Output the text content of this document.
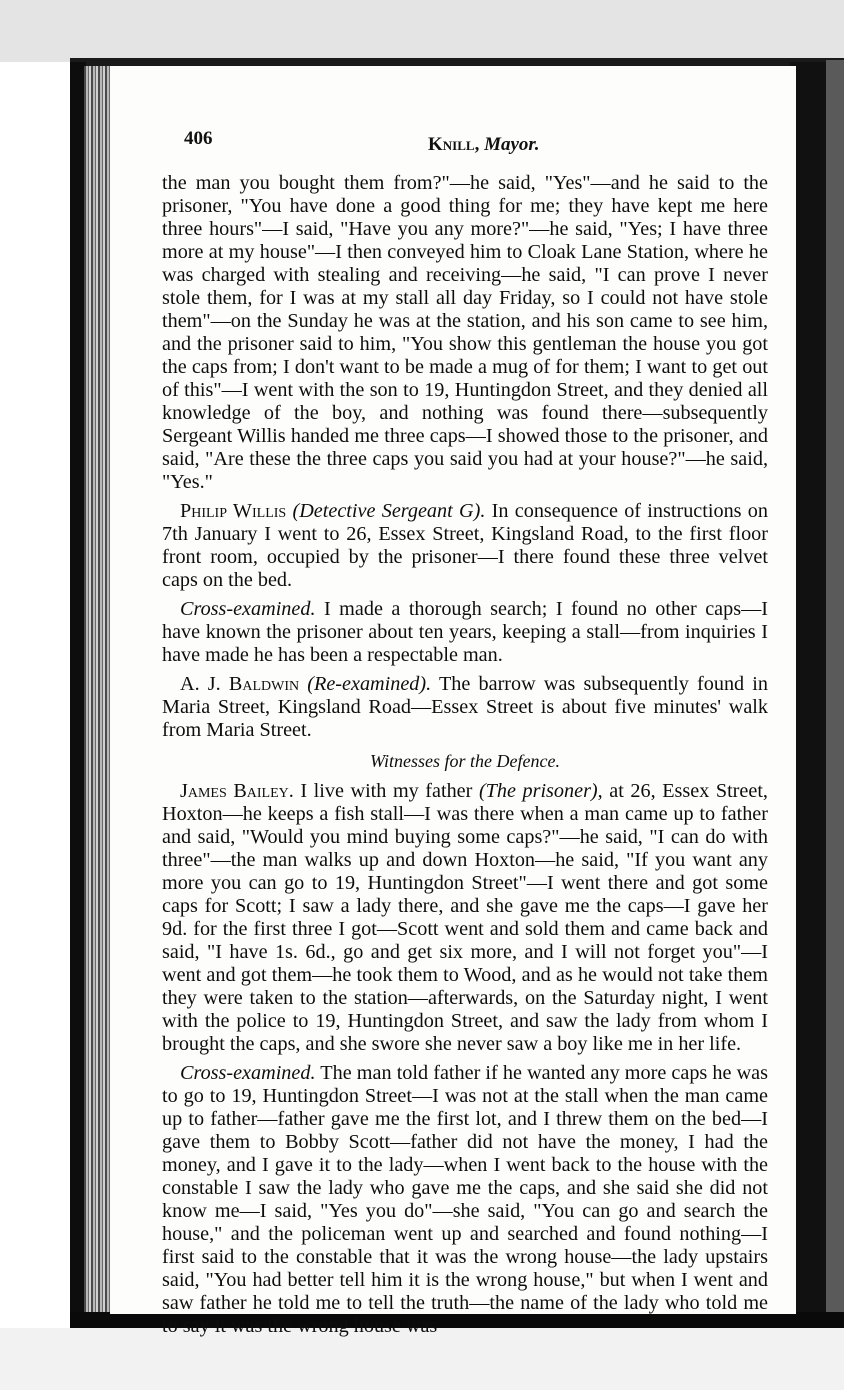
406	Knill, Mayor.

the man you bought them from?"—he said, "Yes"—and he said to the prisoner, "You have done a good thing for me; they have kept me here three hours"—I said, "Have you any more?"—he said, "Yes; I have three more at my house"—I then conveyed him to Cloak Lane Station, where he was charged with stealing and receiving—he said, "I can prove I never stole them, for I was at my stall all day Friday, so I could not have stole them"—on the Sunday he was at the station, and his son came to see him, and the prisoner said to him, "You show this gentleman the house you got the caps from; I don't want to be made a mug of for them; I want to get out of this"—I went with the son to 19, Huntingdon Street, and they denied all knowledge of the boy, and nothing was found there—subsequently Sergeant Willis handed me three caps—I showed those to the prisoner, and said, "Are these the three caps you said you had at your house?"—he said, "Yes."

Philip Willis (Detective Sergeant G). In consequence of instructions on 7th January I went to 26, Essex Street, Kingsland Road, to the first floor front room, occupied by the prisoner—I there found these three velvet caps on the bed.

Cross-examined. I made a thorough search; I found no other caps—I have known the prisoner about ten years, keeping a stall—from inquiries I have made he has been a respectable man.

A. J. Baldwin (Re-examined). The barrow was subsequently found in Maria Street, Kingsland Road—Essex Street is about five minutes' walk from Maria Street.

Witnesses for the Defence.

James Bailey. I live with my father (The prisoner), at 26, Essex Street, Hoxton—he keeps a fish stall—I was there when a man came up to father and said, "Would you mind buying some caps?"—he said, "I can do with three"—the man walks up and down Hoxton—he said, "If you want any more you can go to 19, Huntingdon Street"—I went there and got some caps for Scott; I saw a lady there, and she gave me the caps—I gave her 9d. for the first three I got—Scott went and sold them and came back and said, "I have 1s. 6d., go and get six more, and I will not forget you"—I went and got them—he took them to Wood, and as he would not take them they were taken to the station—afterwards, on the Saturday night, I went with the police to 19, Huntingdon Street, and saw the lady from whom I brought the caps, and she swore she never saw a boy like me in her life.

Cross-examined. The man told father if he wanted any more caps he was to go to 19, Huntingdon Street—I was not at the stall when the man came up to father—father gave me the first lot, and I threw them on the bed—I gave them to Bobby Scott—father did not have the money, I had the money, and I gave it to the lady—when I went back to the house with the constable I saw the lady who gave me the caps, and she said she did not know me—I said, "Yes you do"—she said, "You can go and search the house," and the policeman went up and searched and found nothing—I first said to the constable that it was the wrong house—the lady upstairs said, "You had better tell him it is the wrong house," but when I went and saw father he told me to tell the truth—the name of the lady who told me to say it was the wrong house was
